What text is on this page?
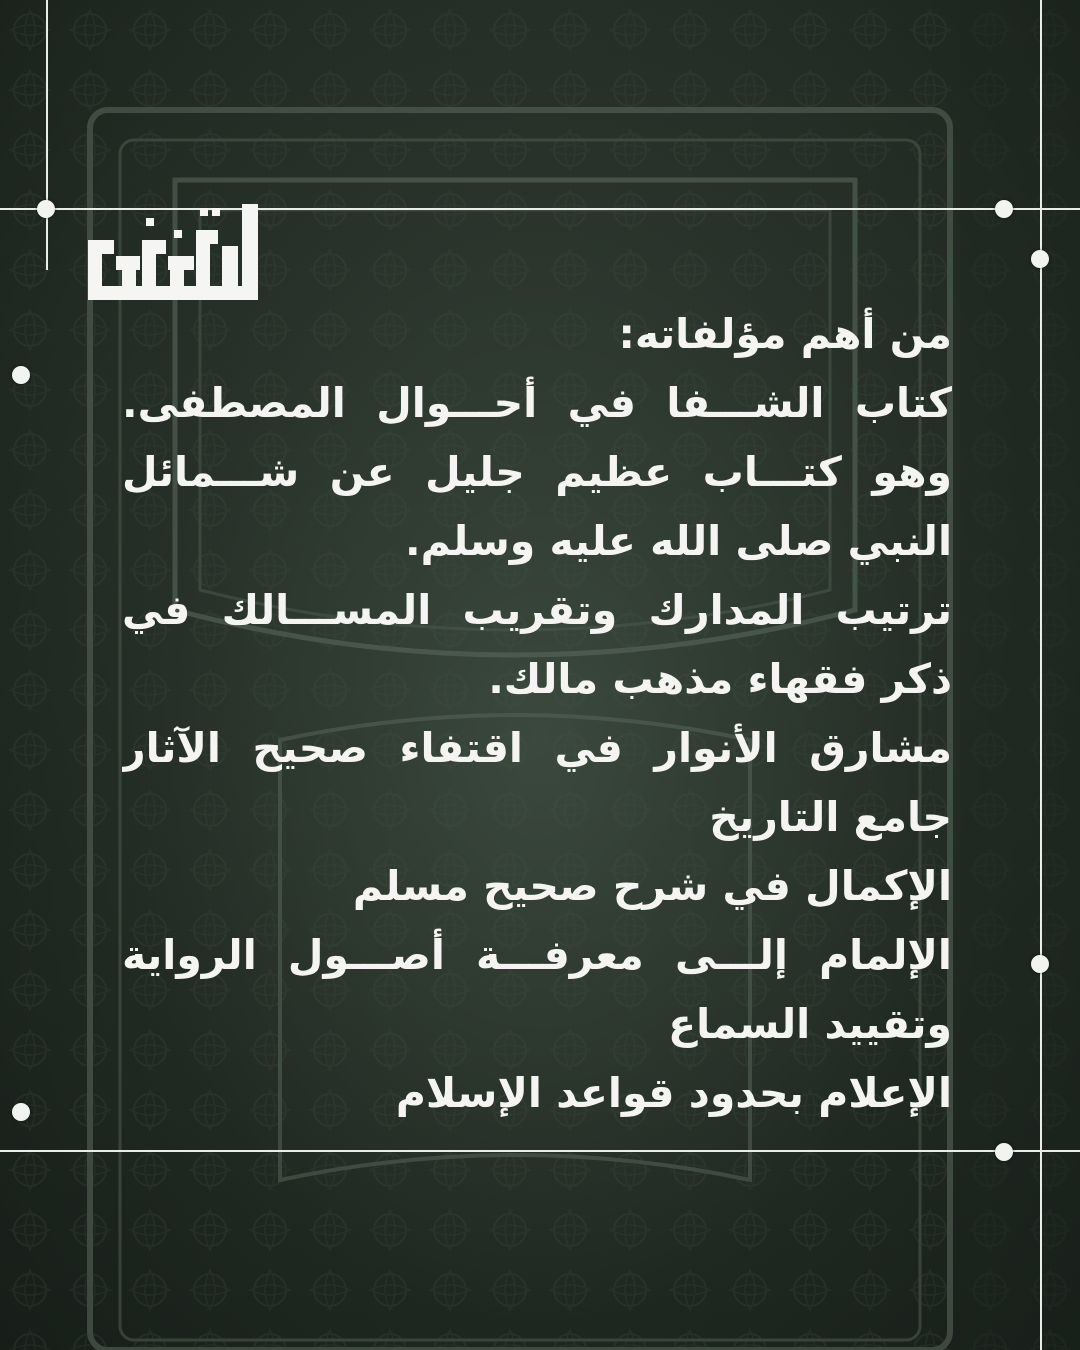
من أهم مؤلفاته:
كتاب الشـــفا في أحـــوال المصطفى.
وهو كتـــاب عظيم جليل عن شـــمائل
النبي صلى الله عليه وسلم.
ترتيب المدارك وتقريب المســـالك في
ذكر فقهاء مذهب مالك.
مشارق الأنوار في اقتفاء صحيح الآثار
جامع التاريخ
الإكمال في شرح صحيح مسلم
الإلمام إلـــى معرفـــة أصـــول الرواية
وتقييد السماع
الإعلام بحدود قواعد الإسلام
